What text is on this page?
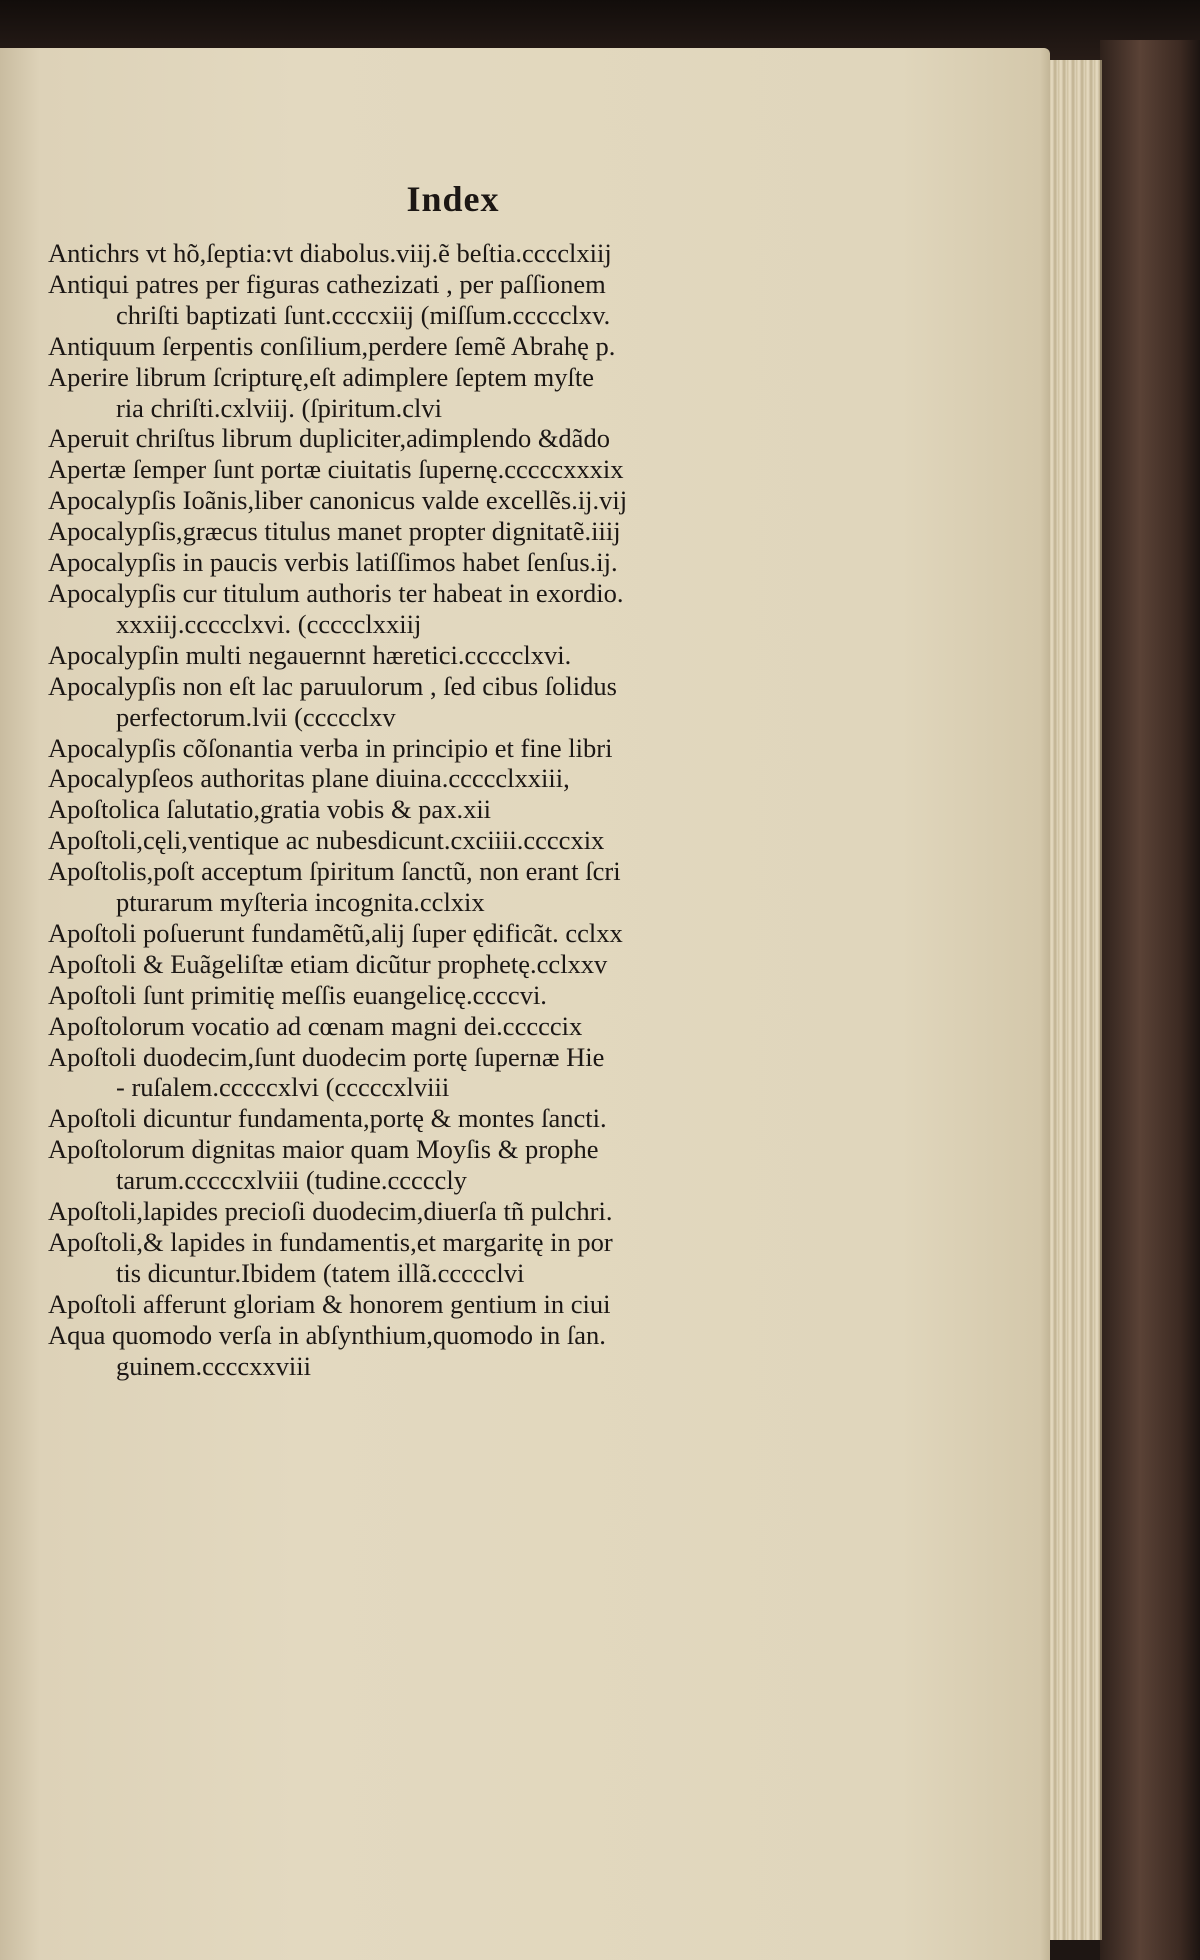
Index
Antichrs vt hõ,ſeptia:vt diabolus.viij.ẽ beſtia.cccclxiij
Antiqui patres per figuras cathezizati , per paſſionem
chriſti baptizati ſunt.ccccxiij (miſſum.ccccclxv.
Antiquum ſerpentis conſilium,perdere ſemẽ Abrahę p.
Aperire librum ſcripturę,eſt adimplere ſeptem myſte
ria chriſti.cxlviij. (ſpiritum.clvi
Aperuit chriſtus librum dupliciter,adimplendo &dãdo
Apertæ ſemper ſunt portæ ciuitatis ſupernę.cccccxxxix
Apocalypſis Ioãnis,liber canonicus valde excellẽs.ij.vij
Apocalypſis,græcus titulus manet propter dignitatẽ.iiij
Apocalypſis in paucis verbis latiſſimos habet ſenſus.ij.
Apocalypſis cur titulum authoris ter habeat in exordio.
xxxiij.ccccclxvi. (ccccclxxiij
Apocalypſin multi negauernnt hæretici.ccccclxvi.
Apocalypſis non eſt lac paruulorum , ſed cibus ſolidus
perfectorum.lvii (ccccclxv
Apocalypſis cõſonantia verba in principio et fine libri
Apocalypſeos authoritas plane diuina.ccccclxxiii,
Apoſtolica ſalutatio,gratia vobis & pax.xii
Apoſtoli,cęli,ventique ac nubesdicunt.cxciiii.ccccxix
Apoſtolis,poſt acceptum ſpiritum ſanctũ, non erant ſcri
pturarum myſteria incognita.cclxix
Apoſtoli poſuerunt fundamẽtũ,alij ſuper ędificãt. cclxx
Apoſtoli & Euãgeliſtæ etiam dicũtur prophetę.cclxxv
Apoſtoli ſunt primitię meſſis euangelicę.ccccvi.
Apoſtolorum vocatio ad cœnam magni dei.cccccix
Apoſtoli duodecim,ſunt duodecim portę ſupernæ Hie
- ruſalem.cccccxlvi (cccccxlviii
Apoſtoli dicuntur fundamenta,portę & montes ſancti.
Apoſtolorum dignitas maior quam Moyſis & prophe
tarum.cccccxlviii (tudine.cccccly
Apoſtoli,lapides precioſi duodecim,diuerſa tñ pulchri.
Apoſtoli,& lapides in fundamentis,et margaritę in por
tis dicuntur.Ibidem (tatem illã.ccccclvi
Apoſtoli afferunt gloriam & honorem gentium in ciui
Aqua quomodo verſa in abſynthium,quomodo in ſan.
guinem.ccccxxviii
